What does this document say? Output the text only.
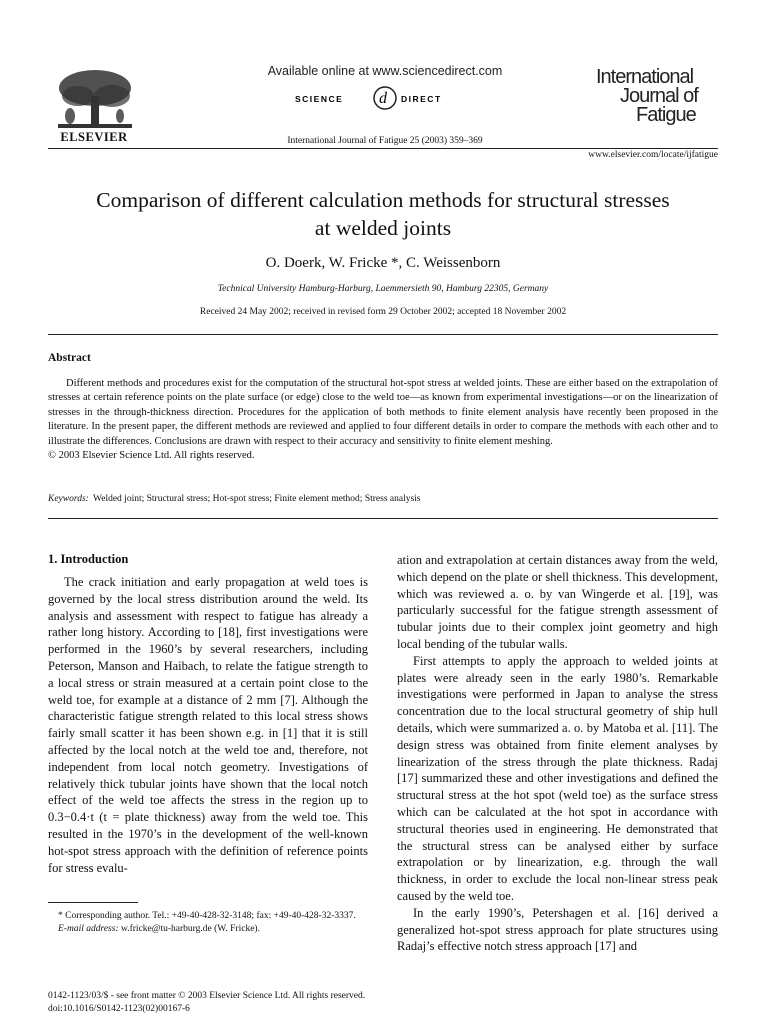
ELSEVIER
Available online at www.sciencedirect.com
SCIENCE d DIRECT
International Journal of Fatigue 25 (2003) 359–369
International
Journal of
Fatigue
www.elsevier.com/locate/ijfatigue
Comparison of different calculation methods for structural stresses
at welded joints
O. Doerk, W. Fricke *, C. Weissenborn
Technical University Hamburg-Harburg, Laemmersieth 90, Hamburg 22305, Germany
Received 24 May 2002; received in revised form 29 October 2002; accepted 18 November 2002
Abstract

Different methods and procedures exist for the computation of the structural hot-spot stress at welded joints. These are either based on the extrapolation of stresses at certain reference points on the plate surface (or edge) close to the weld toe—as known from experimental investigations—or on the linearization of stresses in the through-thickness direction. Procedures for the application of both methods to finite element analysis have recently been proposed in the literature. In the present paper, the different methods are reviewed and applied to four different details in order to compare the methods with each other and to illustrate the differences. Conclusions are drawn with respect to their accuracy and sensitivity to finite element meshing.

© 2003 Elsevier Science Ltd. All rights reserved.

Keywords: Welded joint; Structural stress; Hot-spot stress; Finite element method; Stress analysis
1. Introduction

The crack initiation and early propagation at weld toes is governed by the local stress distribution around the weld. Its analysis and assessment with respect to fatigue has already a rather long history. According to [18], first investigations were performed in the 1960’s by several researchers, including Peterson, Manson and Haibach, to relate the fatigue strength to a local stress or strain measured at a certain point close to the weld toe, for example at a distance of 2 mm [7]. Although the characteristic fatigue strength related to this local stress shows fairly small scatter it has been shown e.g. in [1] that it is still affected by the local notch at the weld toe and, therefore, not independent from local notch geometry. Investigations of relatively thick tubular joints have shown that the local notch effect of the weld toe affects the stress in the region up to 0.3−0.4·t (t = plate thickness) away from the weld toe. This resulted in the 1970’s in the development of the well-known hot-spot stress approach with the definition of reference points for stress evalu-

ation and extrapolation at certain distances away from the weld, which depend on the plate or shell thickness. This development, which was reviewed a. o. by van Wingerde et al. [19], was particularly successful for the fatigue strength assessment of tubular joints due to their complex joint geometry and high local bending of the tubular walls.

First attempts to apply the approach to welded joints at plates were already seen in the early 1980’s. Remarkable investigations were performed in Japan to analyse the stress concentration due to the local structural geometry of ship hull details, which were summarized a. o. by Matoba et al. [11]. The design stress was obtained from finite element analyses by linearization of the stress through the plate thickness. Radaj [17] summarized these and other investigations and defined the structural stress at the hot spot (weld toe) as the surface stress which can be calculated at the hot spot in accordance with structural theories used in engineering. He demonstrated that the structural stress can be analysed either by surface extrapolation or by linearization, e.g. through the wall thickness, in order to exclude the local non-linear stress peak caused by the weld toe.

In the early 1990’s, Petershagen et al. [16] derived a generalized hot-spot stress approach for plate structures using Radaj’s effective notch stress approach [17] and

* Corresponding author. Tel.: +49-40-428-32-3148; fax: +49-40-428-32-3337.

E-mail address: w.fricke@tu-harburg.de (W. Fricke).

0142-1123/03/$ - see front matter © 2003 Elsevier Science Ltd. All rights reserved.
doi:10.1016/S0142-1123(02)00167-6
